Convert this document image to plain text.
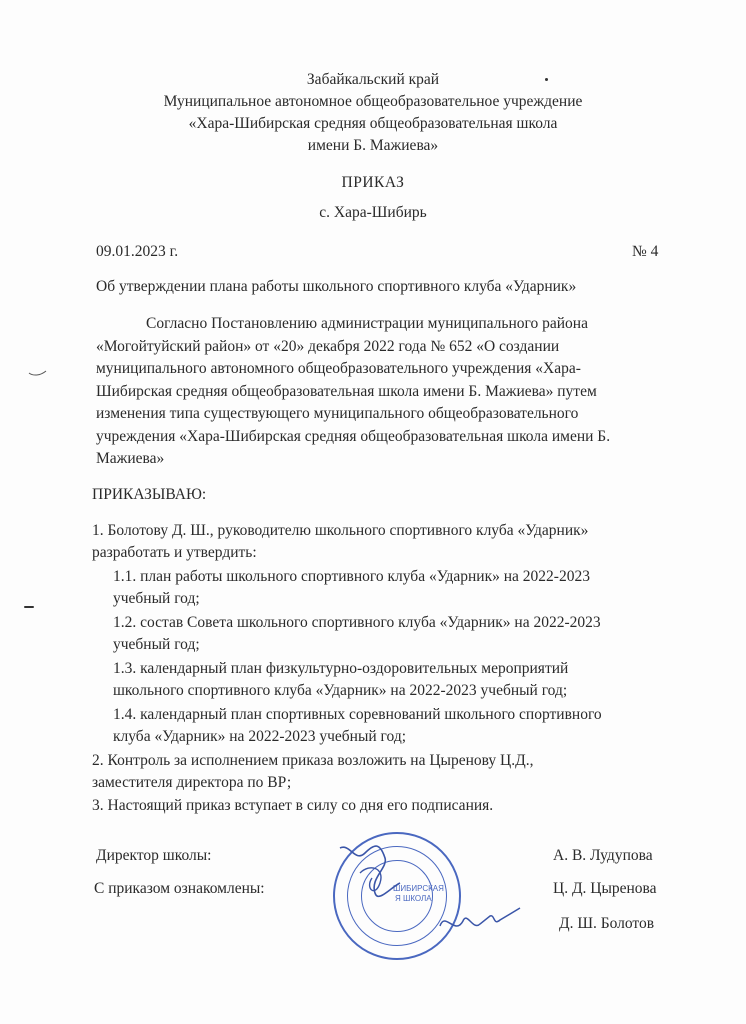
Забайкальский край
Муниципальное автономное общеобразовательное учреждение
«Хара-Шибирская средняя общеобразовательная школа
имени Б. Мажиева»
ПРИКАЗ
с. Хара-Шибирь
09.01.2023 г.	№ 4
Об утверждении плана работы школьного спортивного клуба «Ударник»
Согласно Постановлению администрации муниципального района
«Могойтуйский район» от «20» декабря 2022 года № 652 «О создании
муниципального автономного общеобразовательного учреждения «Хара-
Шибирская средняя общеобразовательная школа имени Б. Мажиева» путем
изменения типа существующего муниципального общеобразовательного
учреждения «Хара-Шибирская средняя общеобразовательная школа имени Б.
Мажиева»
ПРИКАЗЫВАЮ:
1. Болотову Д. Ш., руководителю школьного спортивного клуба «Ударник»
разработать и утвердить:
1.1. план работы школьного спортивного клуба «Ударник» на 2022-2023
учебный год;
1.2. состав Совета школьного спортивного клуба «Ударник» на 2022-2023
учебный год;
1.3. календарный план физкультурно-оздоровительных мероприятий
школьного спортивного клуба «Ударник» на 2022-2023 учебный год;
1.4. календарный план спортивных соревнований школьного спортивного
клуба «Ударник» на 2022-2023 учебный год;
2. Контроль за исполнением приказа возложить на Цыренову Ц.Д.,
заместителя директора по ВР;
3. Настоящий приказ вступает в силу со дня его подписания.
Директор школы:	А. В. Лудупова
С приказом ознакомлены:	Ц. Д. Цыренова
Д. Ш. Болотов
ШИБИРСКАЯ
Я ШКОЛА
